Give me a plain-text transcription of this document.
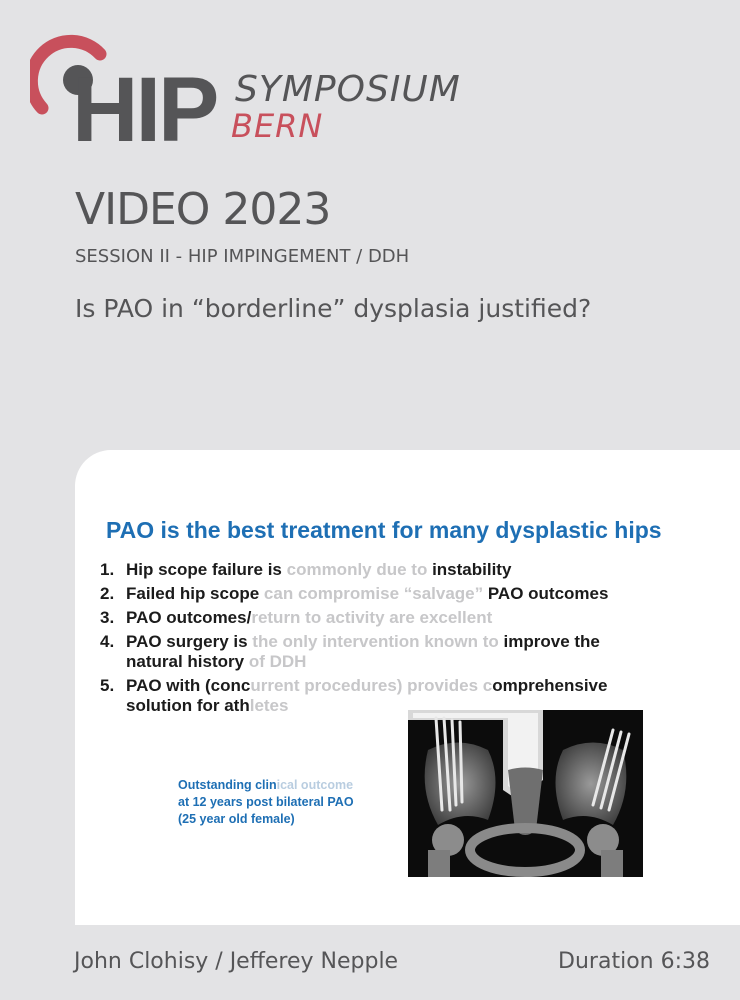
HIP SYMPOSIUM
BERN
VIDEO 2023
SESSION II - HIP IMPINGEMENT / DDH
Is PAO in “borderline” dysplasia justified?
PAO is the best treatment for many dysplastic hips
1. Hip scope failure is commonly due to instability
2. Failed hip scope can compromise “salvage” PAO outcomes
3. PAO outcomes/return to activity are excellent
4. PAO surgery is the only intervention known to improve the
natural history of DDH
5. PAO with (concurrent procedures) provides comprehensive
solution for athletes
Outstanding clinical outcome
at 12 years post bilateral PAO
(25 year old female)
John Clohisy / Jefferey Nepple	Duration 6:38
